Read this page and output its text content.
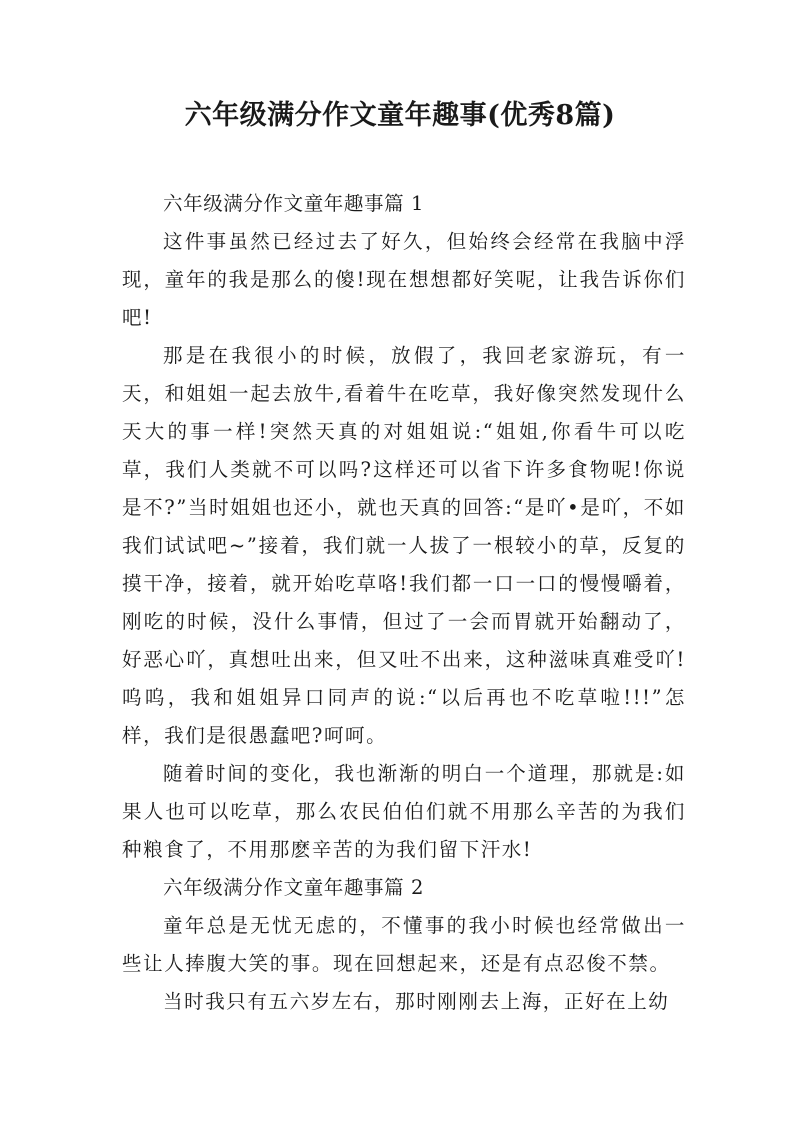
六年级满分作文童年趣事(优秀8篇)

六年级满分作文童年趣事篇 1

这件事虽然已经过去了好久，但始终会经常在我脑中浮现，童年的我是那么的傻!现在想想都好笑呢，让我告诉你们吧!

那是在我很小的时候，放假了，我回老家游玩，有一天，和姐姐一起去放牛,看着牛在吃草，我好像突然发现什么天大的事一样!突然天真的对姐姐说:“姐姐,你看牛可以吃草，我们人类就不可以吗?这样还可以省下许多食物呢!你说是不?”当时姐姐也还小，就也天真的回答:“是吖•是吖，不如我们试试吧~”接着，我们就一人拔了一根较小的草，反复的摸干净，接着，就开始吃草咯!我们都一口一口的慢慢嚼着，刚吃的时候，没什么事情，但过了一会而胃就开始翻动了，好恶心吖，真想吐出来，但又吐不出来，这种滋味真难受吖!呜呜，我和姐姐异口同声的说:“以后再也不吃草啦!!!”怎样，我们是很愚蠢吧?呵呵。

随着时间的变化，我也渐渐的明白一个道理，那就是:如果人也可以吃草，那么农民伯伯们就不用那么辛苦的为我们种粮食了，不用那麽辛苦的为我们留下汗水!

六年级满分作文童年趣事篇 2

童年总是无忧无虑的，不懂事的我小时候也经常做出一些让人捧腹大笑的事。现在回想起来，还是有点忍俊不禁。

当时我只有五六岁左右，那时刚刚去上海，正好在上幼
